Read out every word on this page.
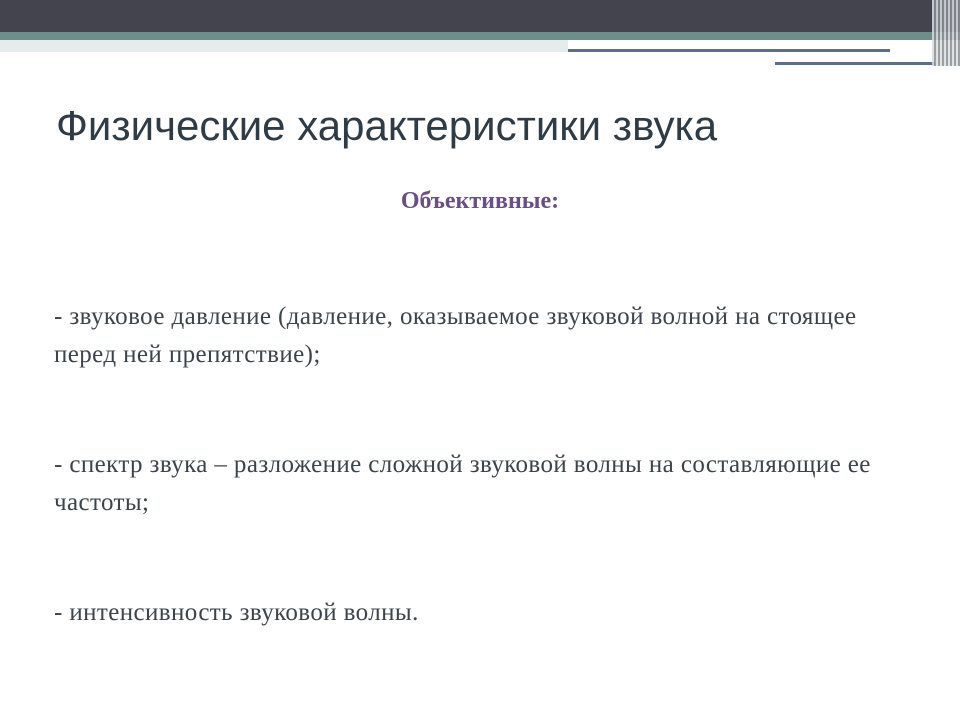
Физические характеристики звука
Объективные:
- звуковое давление (давление, оказываемое звуковой волной на стоящее перед ней препятствие);
- спектр звука – разложение сложной звуковой волны на составляющие ее частоты;
- интенсивность звуковой волны.
